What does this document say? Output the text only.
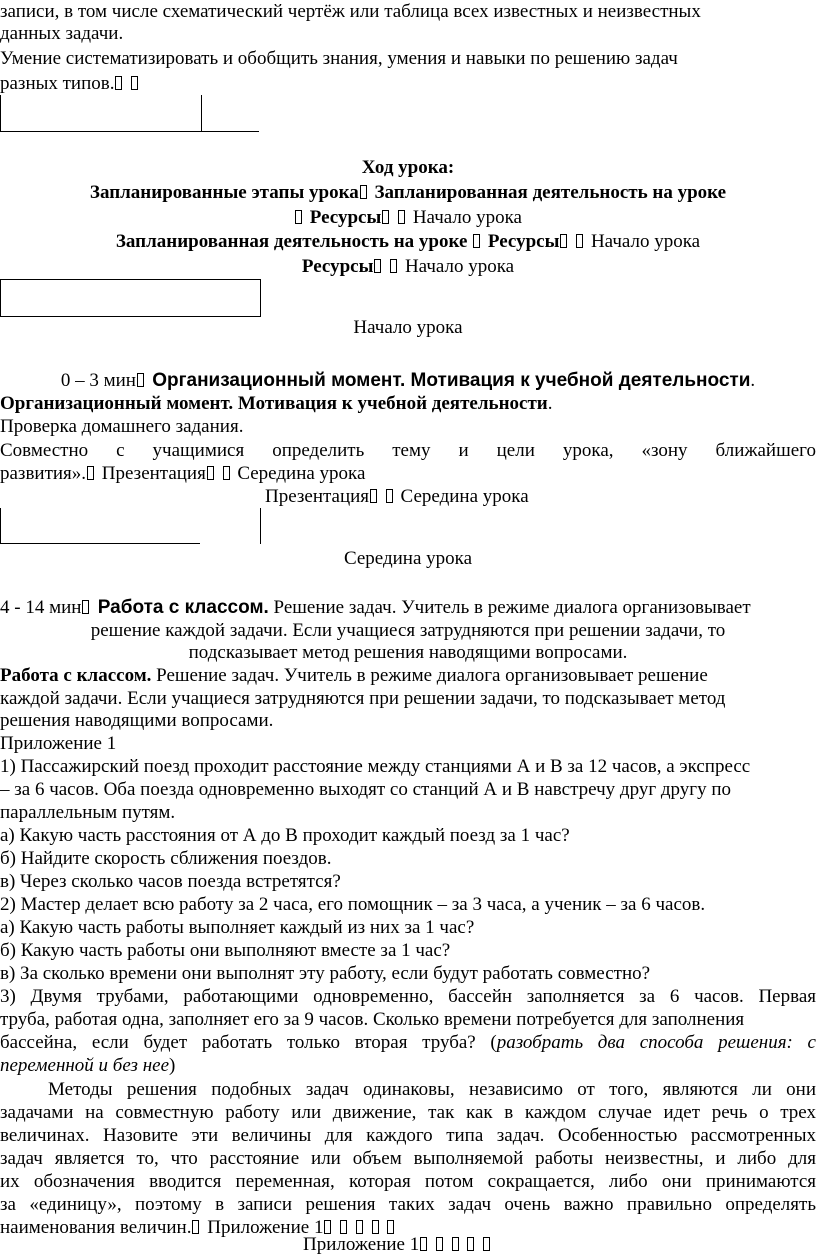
записи, в том числе схематический чертёж или таблица всех известных и неизвестных
данных задачи.
Умение систематизировать и обобщить знания, умения и навыки по решению задач
разных типов.
Ход урока:
Запланированные этапы урока Запланированная деятельность на уроке
Ресурсы  Начало урока
Запланированная деятельность на уроке  Ресурсы  Начало урока
Ресурсы  Начало урока
Начало урока
0 – 3 мин Организационный момент. Мотивация к учебной деятельности.
Организационный момент. Мотивация к учебной деятельности.
Проверка домашнего задания.
Совместно с учащимися определить тему и цели урока, «зону ближайшего
развития». Презентация  Середина урока
Презентация  Середина урока
Середина урока
4 - 14 мин Работа с классом. Решение задач. Учитель в режиме диалога организовывает
решение каждой задачи. Если учащиеся затрудняются при решении задачи, то
подсказывает метод решения наводящими вопросами.
Работа с классом. Решение задач. Учитель в режиме диалога организовывает решение
каждой задачи. Если учащиеся затрудняются при решении задачи, то подсказывает метод
решения наводящими вопросами.
Приложение 1
1) Пассажирский поезд проходит расстояние между станциями А и В за 12 часов, а экспресс
– за 6 часов. Оба поезда одновременно выходят со станций А и В навстречу друг другу по
параллельным путям.
а) Какую часть расстояния от А до В проходит каждый поезд за 1 час?
б) Найдите скорость сближения поездов.
в) Через сколько часов поезда встретятся?
2) Мастер делает всю работу за 2 часа, его помощник – за 3 часа, а ученик – за 6 часов.
а) Какую часть работы выполняет каждый из них за 1 час?
б) Какую часть работы они выполняют вместе за 1 час?
в) За сколько времени они выполнят эту работу, если будут работать совместно?
3) Двумя трубами, работающими одновременно, бассейн заполняется за 6 часов. Первая
труба, работая одна, заполняет его за 9 часов. Сколько времени потребуется для заполнения
бассейна, если будет работать только вторая труба? (разобрать два способа решения: с
переменной и без нее)
Методы решения подобных задач одинаковы, независимо от того, являются ли они
задачами на совместную работу или движение, так как в каждом случае идет речь о трех
величинах. Назовите эти величины для каждого типа задач. Особенностью рассмотренных
задач является то, что расстояние или объем выполняемой работы неизвестны, и либо для
их обозначения вводится переменная, которая потом сокращается, либо они принимаются
за «единицу», поэтому в записи решения таких задач очень важно правильно определять
наименования величин. Приложение 1
Приложение 1
